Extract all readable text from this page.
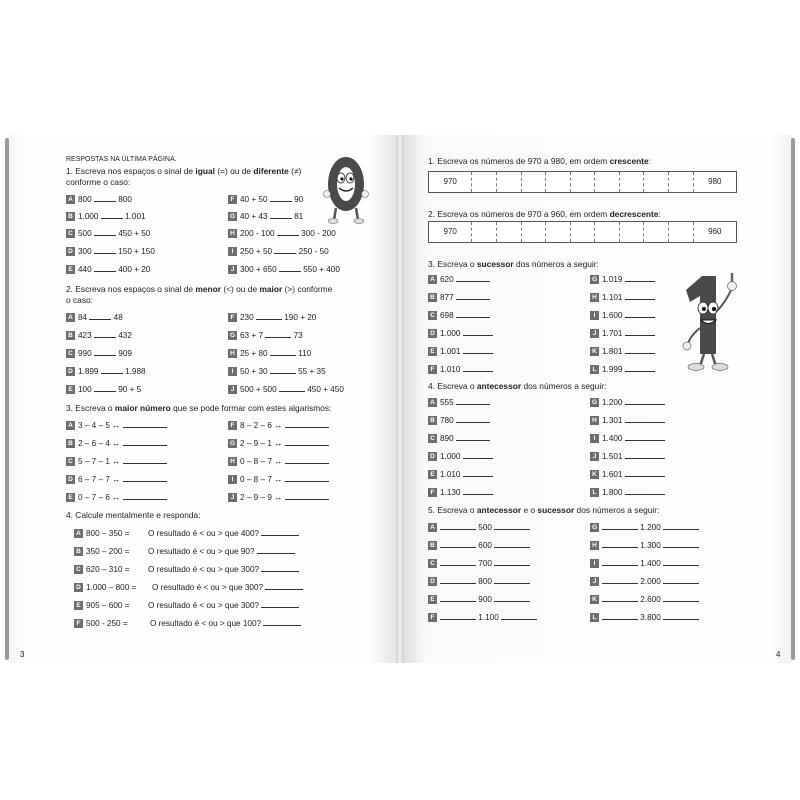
RESPOSTAS NA ÚLTIMA PÁGINA.
1. Escreva nos espaços o sinal de igual (=) ou de diferente (≠)
conforme o caso:
A 800	800
B 1.000	1.001
C 500	450 + 50
D 300	150 + 150
E 440	400 + 20
F 40 + 50	90
G 40 + 43	81
H 200 - 100	300 - 200
I 250 + 50	250 - 50
J 300 + 650	550 + 400
2. Escreva nos espaços o sinal de menor (<) ou de maior (>) conforme
o caso:
A 84	48
B 423	432
C 990	909
D 1.899	1.988
E 100	90 + 5
F 230	190 + 20
G 63 + 7	73
H 25 + 80	110
I 50 + 30	55 + 35
J 500 + 500	450 + 450
3. Escreva o maior número que se pode formar com estes algarismos:
A 3 – 4 – 5 ↔
B 2 – 6 – 4 ↔
C 5 – 7 – 1 ↔
D 6 – 7 – 7 ↔
E 0 – 7 – 6 ↔
F 8 – 2 – 6 ↔
G 2 – 9 – 1 ↔
H 0 – 8 – 7 ↔
I 0 – 8 – 7 ↔
J 2 – 9 – 9 ↔
4. Calcule mentalmente e responda:
A 800 – 350 = O resultado é < ou > que 400?
B 350 – 200 = O resultado é < ou > que 90?
C 620 – 310 = O resultado é < ou > que 300?
D 1.000 – 800 = O resultado é < ou > que 300?
E 905 – 600 = O resultado é < ou > que 300?
F 500 - 250 =	O resultado é < ou > que 100?
3
1. Escreva os números de 970 a 980, em ordem crescente:
970	980
2. Escreva os números de 970 a 960, em ordem decrescente:
970	960
3. Escreva o sucessor dos números a seguir:
A 620
B 877
C 698
D 1.000
E 1.001
F 1.010
G 1.019
H 1.101
I 1.600
J 1.701
K 1.801
L 1.999
4. Escreva o antecessor dos números a seguir:
A 555
B 780
C 890
D 1.000
E 1.010
F 1.130
G 1.200
H 1.301
I 1.400
J 1.501
K 1.601
L 1.800
5. Escreva o antecessor e o sucessor dos números a seguir:
A	500
B	600
C	700
D	800
E	900
F	1.100
G	1.200
H	1.300
I	1.400
J	2.000
K	2.600
L	3.800
4
